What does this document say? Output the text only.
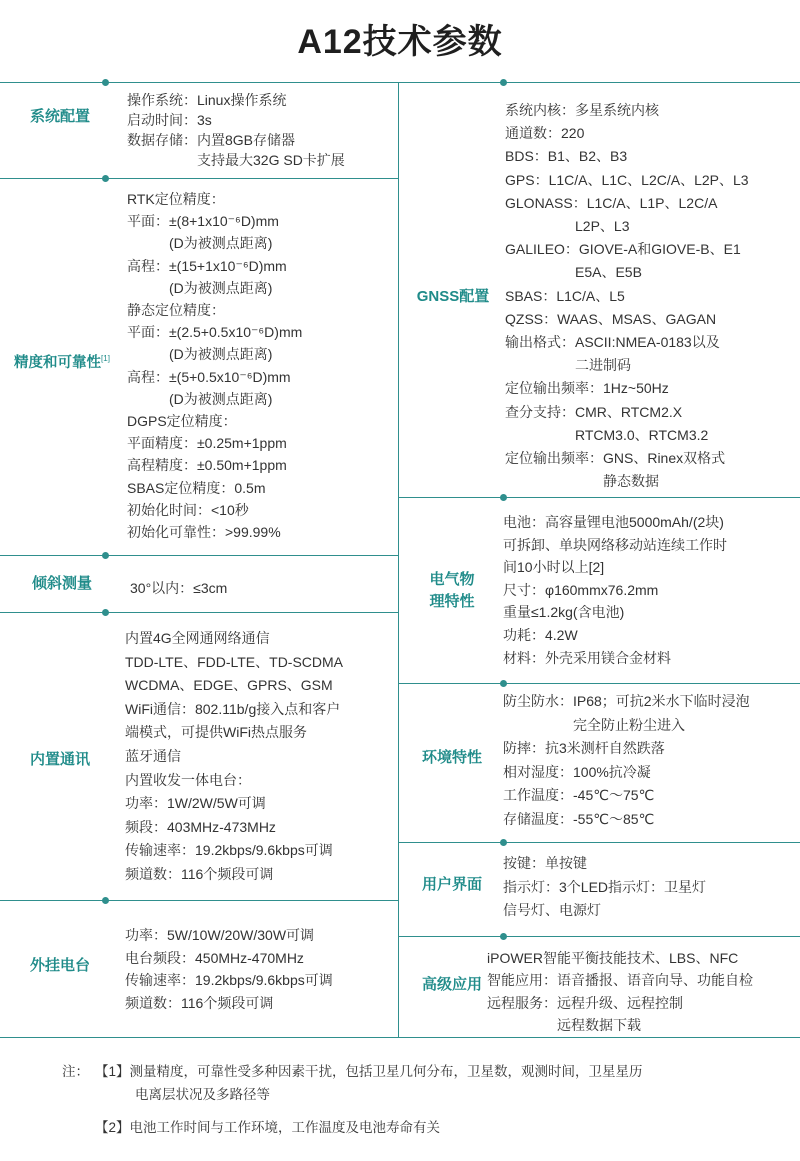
A12技术参数
系统配置
操作系统：Linux操作系统
启动时间：3s
数据存储：内置8GB存储器
　　　　　支持最大32G SD卡扩展
精度和可靠性[1]
RTK定位精度：
平面：±(8+1x10⁻⁶D)mm
　　　(D为被测点距离)
高程：±(15+1x10⁻⁶D)mm
　　　(D为被测点距离)
静态定位精度：
平面：±(2.5+0.5x10⁻⁶D)mm
　　　(D为被测点距离)
高程：±(5+0.5x10⁻⁶D)mm
　　　(D为被测点距离)
DGPS定位精度：
平面精度：±0.25m+1ppm
高程精度：±0.50m+1ppm
SBAS定位精度：0.5m
初始化时间：<10秒
初始化可靠性：>99.99%
倾斜测量	30°以内：≤3cm
内置通讯
内置4G全网通网络通信
TDD-LTE、FDD-LTE、TD-SCDMA
WCDMA、EDGE、GPRS、GSM
WiFi通信：802.11b/g接入点和客户
端模式，可提供WiFi热点服务
蓝牙通信
内置收发一体电台：
功率：1W/2W/5W可调
频段：403MHz-473MHz
传输速率：19.2kbps/9.6kbps可调
频道数：116个频段可调
外挂电台
功率：5W/10W/20W/30W可调
电台频段：450MHz-470MHz
传输速率：19.2kbps/9.6kbps可调
频道数：116个频段可调
GNSS配置
系统内核：多星系统内核
通道数：220
BDS：B1、B2、B3
GPS：L1C/A、L1C、L2C/A、L2P、L3
GLONASS：L1C/A、L1P、L2C/A
　　　　　L2P、L3
GALILEO：GIOVE-A和GIOVE-B、E1
　　　　　E5A、E5B
SBAS：L1C/A、L5
QZSS：WAAS、MSAS、GAGAN
输出格式：ASCII:NMEA-0183以及
　　　　　二进制码
定位输出频率：1Hz~50Hz
查分支持：CMR、RTCM2.X
　　　　　RTCM3.0、RTCM3.2
定位输出频率：GNS、Rinex双格式
　　　　　　　静态数据
电气物
理特性
电池：高容量锂电池5000mAh/(2块)
可拆卸、单块网络移动站连续工作时
间10小时以上[2]
尺寸：φ160mmx76.2mm
重量≤1.2kg(含电池)
功耗：4.2W
材料：外壳采用镁合金材料
环境特性
防尘防水：IP68；可抗2米水下临时浸泡
　　　　　完全防止粉尘进入
防摔：抗3米测杆自然跌落
相对湿度：100%抗冷凝
工作温度：-45℃～75℃
存储温度：-55℃～85℃
用户界面
按键：单按键
指示灯：3个LED指示灯：卫星灯
信号灯、电源灯
高级应用
iPOWER智能平衡技能技术、LBS、NFC
智能应用：语音播报、语音向导、功能自检
远程服务：远程升级、远程控制
　　　　　远程数据下载
注： 【1】测量精度，可靠性受多种因素干扰，包括卫星几何分布，卫星数，观测时间，卫星星历
电离层状况及多路径等
【2】电池工作时间与工作环境，工作温度及电池寿命有关
